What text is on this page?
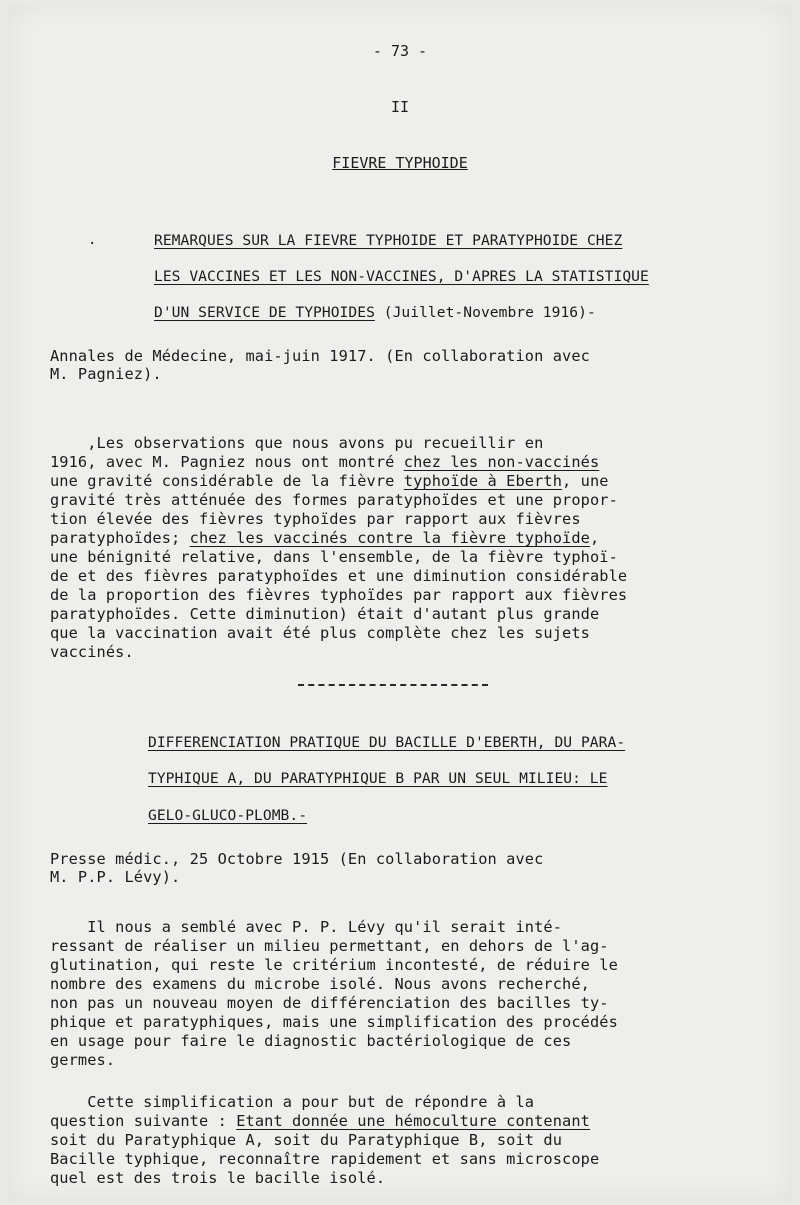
- 73 -
II
FIEVRE TYPHOIDE
.	REMARQUES SUR LA FIEVRE TYPHOIDE ET PARATYPHOIDE CHEZ
LES VACCINES ET LES NON-VACCINES, D'APRES LA STATISTIQUE
D'UN SERVICE DE TYPHOIDES (Juillet-Novembre 1916)-
Annales de Médecine, mai-juin 1917. (En collaboration avec
M. Pagniez).
,Les observations que nous avons pu recueillir en
1916, avec M. Pagniez nous ont montré chez les non-vaccinés
une gravité considérable de la fièvre typhoïde à Eberth, une
gravité très atténuée des formes paratyphoïdes et une propor-
tion élevée des fièvres typhoïdes par rapport aux fièvres
paratyphoïdes; chez les vaccinés contre la fièvre typhoïde,
une bénignité relative, dans l'ensemble, de la fièvre typhoï-
de et des fièvres paratyphoïdes et une diminution considérable
de la proportion des fièvres typhoïdes par rapport aux fièvres
paratyphoïdes. Cette diminution) était d'autant plus grande
que la vaccination avait été plus complète chez les sujets
vaccinés.
DIFFERENCIATION PRATIQUE DU BACILLE D'EBERTH, DU PARA-
TYPHIQUE A, DU PARATYPHIQUE B PAR UN SEUL MILIEU: LE
GELO-GLUCO-PLOMB.-
Presse médic., 25 Octobre 1915 (En collaboration avec
M. P.P. Lévy).
Il nous a semblé avec P. P. Lévy qu'il serait inté-
ressant de réaliser un milieu permettant, en dehors de l'ag-
glutination, qui reste le critérium incontesté, de réduire le
nombre des examens du microbe isolé. Nous avons recherché,
non pas un nouveau moyen de différenciation des bacilles ty-
phique et paratyphiques, mais une simplification des procédés
en usage pour faire le diagnostic bactériologique de ces
germes.
Cette simplification a pour but de répondre à la
question suivante : Etant donnée une hémoculture contenant
soit du Paratyphique A, soit du Paratyphique B, soit du
Bacille typhique, reconnaître rapidement et sans microscope
quel est des trois le bacille isolé.
